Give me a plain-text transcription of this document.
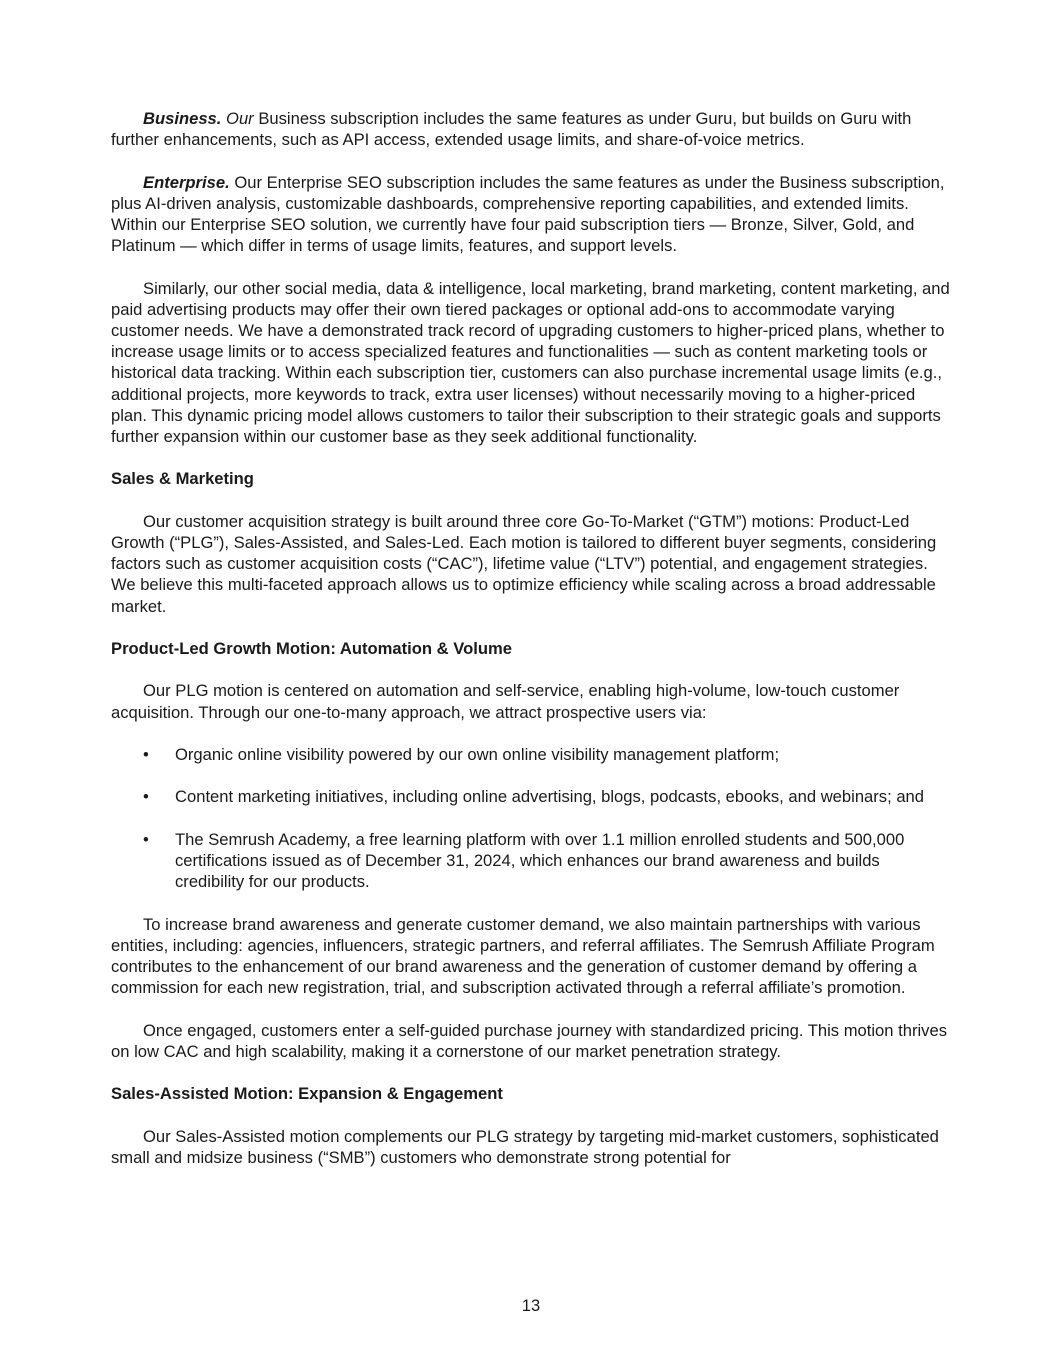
Business. Our Business subscription includes the same features as under Guru, but builds on Guru with further enhancements, such as API access, extended usage limits, and share-of-voice metrics.

Enterprise. Our Enterprise SEO subscription includes the same features as under the Business subscription, plus AI-driven analysis, customizable dashboards, comprehensive reporting capabilities, and extended limits. Within our Enterprise SEO solution, we currently have four paid subscription tiers — Bronze, Silver, Gold, and Platinum — which differ in terms of usage limits, features, and support levels.

Similarly, our other social media, data & intelligence, local marketing, brand marketing, content marketing, and paid advertising products may offer their own tiered packages or optional add-ons to accommodate varying customer needs. We have a demonstrated track record of upgrading customers to higher-priced plans, whether to increase usage limits or to access specialized features and functionalities — such as content marketing tools or historical data tracking. Within each subscription tier, customers can also purchase incremental usage limits (e.g., additional projects, more keywords to track, extra user licenses) without necessarily moving to a higher-priced plan. This dynamic pricing model allows customers to tailor their subscription to their strategic goals and supports further expansion within our customer base as they seek additional functionality.

Sales & Marketing

Our customer acquisition strategy is built around three core Go-To-Market (“GTM”) motions: Product-Led Growth (“PLG”), Sales-Assisted, and Sales-Led. Each motion is tailored to different buyer segments, considering factors such as customer acquisition costs (“CAC”), lifetime value (“LTV”) potential, and engagement strategies. We believe this multi-faceted approach allows us to optimize efficiency while scaling across a broad addressable market.

Product-Led Growth Motion: Automation & Volume

Our PLG motion is centered on automation and self-service, enabling high-volume, low-touch customer acquisition. Through our one-to-many approach, we attract prospective users via:

• Organic online visibility powered by our own online visibility management platform;
• Content marketing initiatives, including online advertising, blogs, podcasts, ebooks, and webinars; and
• The Semrush Academy, a free learning platform with over 1.1 million enrolled students and 500,000 certifications issued as of December 31, 2024, which enhances our brand awareness and builds credibility for our products.

To increase brand awareness and generate customer demand, we also maintain partnerships with various entities, including: agencies, influencers, strategic partners, and referral affiliates. The Semrush Affiliate Program contributes to the enhancement of our brand awareness and the generation of customer demand by offering a commission for each new registration, trial, and subscription activated through a referral affiliate’s promotion.

Once engaged, customers enter a self-guided purchase journey with standardized pricing. This motion thrives on low CAC and high scalability, making it a cornerstone of our market penetration strategy.

Sales-Assisted Motion: Expansion & Engagement

Our Sales-Assisted motion complements our PLG strategy by targeting mid-market customers, sophisticated small and midsize business (“SMB”) customers who demonstrate strong potential for

13
